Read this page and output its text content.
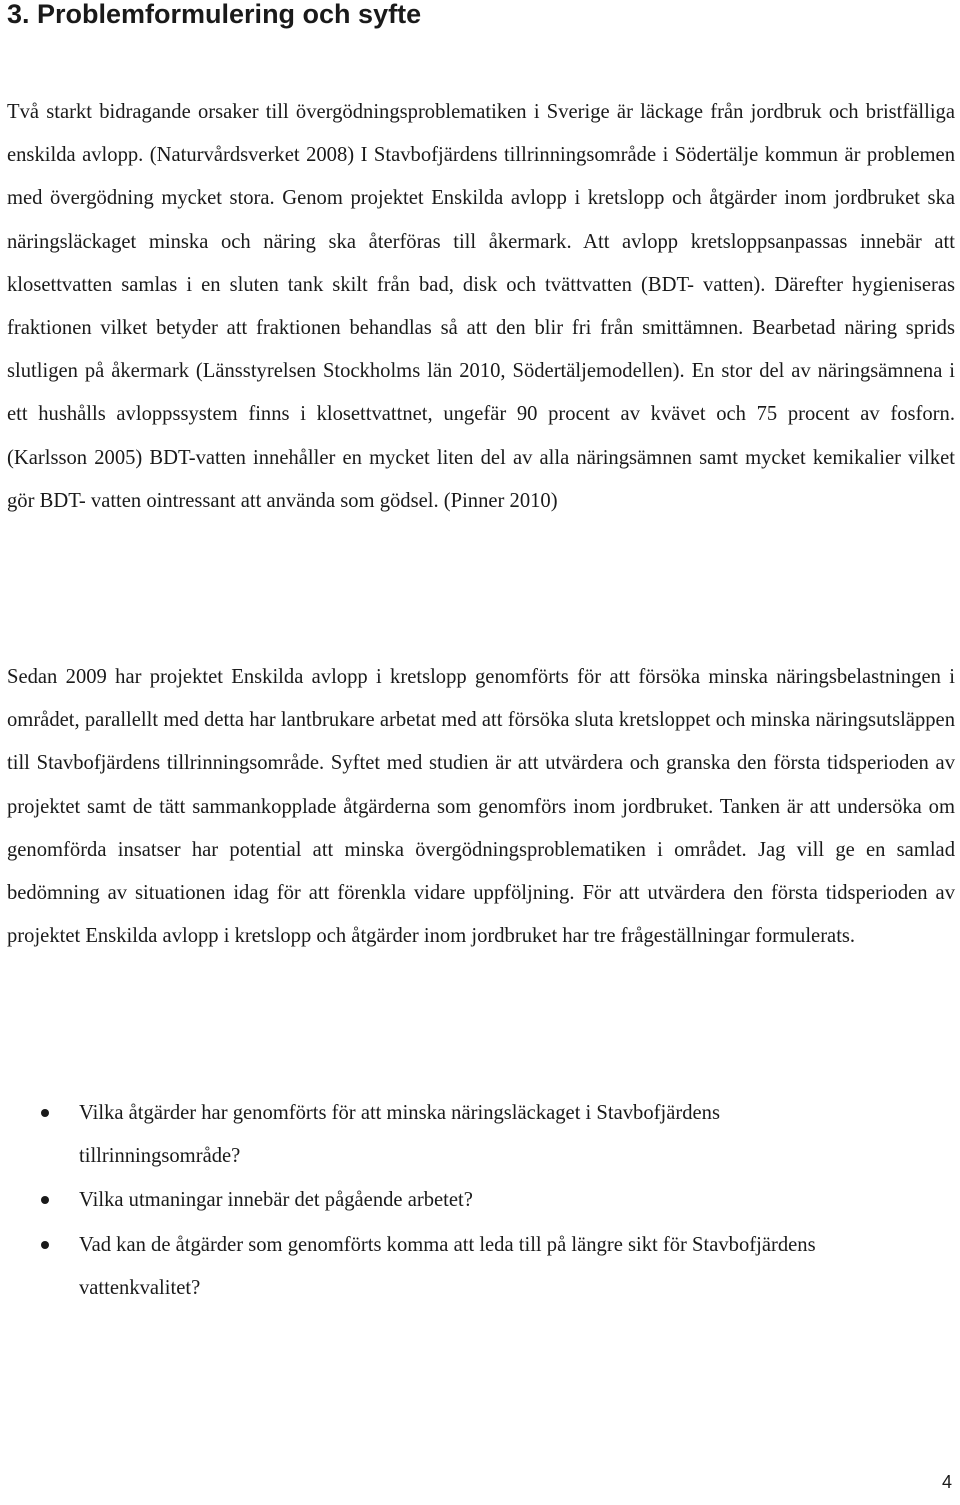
3. Problemformulering och syfte

Två starkt bidragande orsaker till övergödningsproblematiken i Sverige är läckage från jordbruk och bristfälliga enskilda avlopp. (Naturvårdsverket 2008) I Stavbofjärdens tillrinningsområde i Södertälje kommun är problemen med övergödning mycket stora. Genom projektet Enskilda avlopp i kretslopp och åtgärder inom jordbruket ska näringsläckaget minska och näring ska återföras till åkermark. Att avlopp kretsloppsanpassas innebär att klosettvatten samlas i en sluten tank skilt från bad, disk och tvättvatten (BDT- vatten). Därefter hygieniseras fraktionen vilket betyder att fraktionen behandlas så att den blir fri från smittämnen. Bearbetad näring sprids slutligen på åkermark (Länsstyrelsen Stockholms län 2010, Södertäljemodellen). En stor del av näringsämnena i ett hushålls avloppssystem finns i klosettvattnet, ungefär 90 procent av kvävet och 75 procent av fosforn. (Karlsson 2005) BDT-vatten innehåller en mycket liten del av alla näringsämnen samt mycket kemikalier vilket gör BDT- vatten ointressant att använda som gödsel. (Pinner 2010)

Sedan 2009 har projektet Enskilda avlopp i kretslopp genomförts för att försöka minska näringsbelastningen i området, parallellt med detta har lantbrukare arbetat med att försöka sluta kretsloppet och minska näringsutsläppen till Stavbofjärdens tillrinningsområde. Syftet med studien är att utvärdera och granska den första tidsperioden av projektet samt de tätt sammankopplade åtgärderna som genomförs inom jordbruket. Tanken är att undersöka om genomförda insatser har potential att minska övergödningsproblematiken i området. Jag vill ge en samlad bedömning av situationen idag för att förenkla vidare uppföljning. För att utvärdera den första tidsperioden av projektet Enskilda avlopp i kretslopp och åtgärder inom jordbruket har tre frågeställningar formulerats.

Vilka åtgärder har genomförts för att minska näringsläckaget i Stavbofjärdens tillrinningsområde?
Vilka utmaningar innebär det pågående arbetet?
Vad kan de åtgärder som genomförts komma att leda till på längre sikt för Stavbofjärdens vattenkvalitet?
4
